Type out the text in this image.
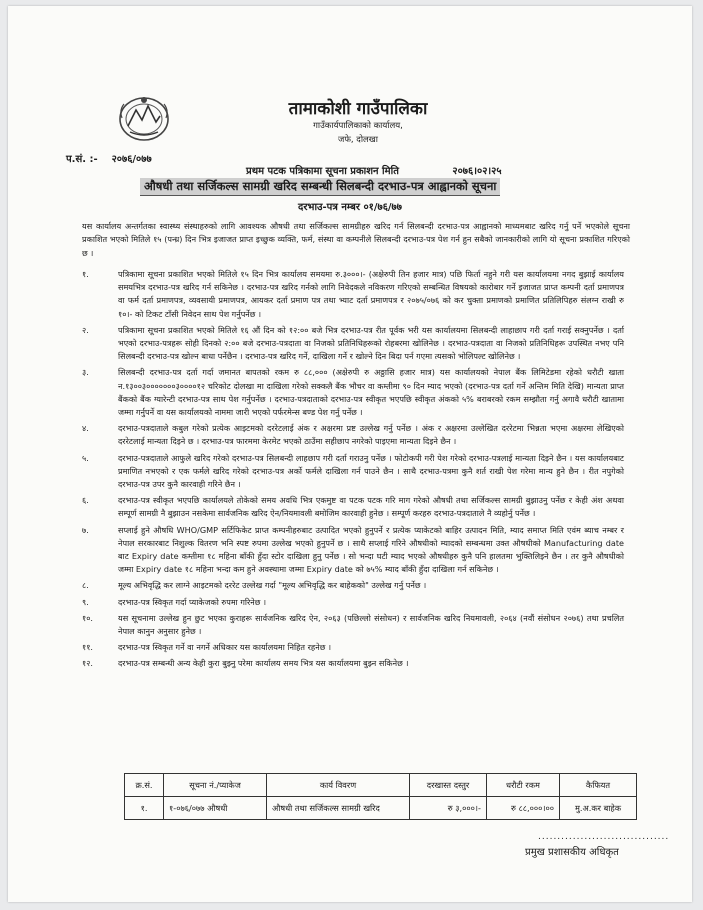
तामाकोशी गाउँपालिका
गाउँकार्यपालिकाको कार्यालय,
जफे, दोलखा
प.सं. :- २०७६/०७७
प्रथम पटक पत्रिकामा सूचना प्रकाशन मिति	२०७६।०२।२५
औषधी तथा सर्जिकल्स सामग्री खरिद सम्बन्धी सिलबन्दी दरभाउ-पत्र आह्वानको सूचना
दरभाउ-पत्र नम्बर ०१/७६/७७
यस कार्यालय अन्तर्गतका स्वास्थ्य संस्थाहरुको लागि आवश्यक औषधी तथा सर्जिकल्स सामग्रीहरु खरिद गर्न सिलबन्दी दरभाउ-पत्र आह्वानको माध्यमबाट खरिद गर्नु पर्ने भएकोले सूचना प्रकाशित भएको मितिले १५ (पन्ध्र) दिन भित्र इजाजत प्राप्त इच्छुक व्यक्ति, फर्म, संस्था वा कम्पनीले सिलबन्दी दरभाउ-पत्र पेश गर्न हुन सबैको जानकारीको लागि यो सूचना प्रकाशित गरिएको छ ।
१.	पत्रिकामा सूचना प्रकाशित भएको मितिले १५ दिन भित्र कार्यालय समयमा रु.३०००।- (अक्षेरुपी तिन हजार मात्र) पछि फिर्ता नहुने गरी यस कार्यालयमा नगद बुझाई कार्यालय समयभित्र दरभाउ-पत्र खरिद गर्न सकिनेछ । दरभाउ-पत्र खरिद गर्नको लागि निवेदकले नविकरण गरिएको सम्बन्धित विषयको कारोबार गर्ने इजाजत प्राप्त कम्पनी दर्ता प्रमाणपत्र वा फर्म दर्ता प्रमाणपत्र, व्यवसायी प्रमाणपत्र, आयकर दर्ता प्रमाण पत्र तथा भ्याट दर्ता प्रमाणपत्र र २०७५/०७६ को कर चुक्ता प्रमाणको प्रमाणित प्रतिलिपिहरु संलग्न राखी रु १०।- को टिकट टाँसी निवेदन साथ पेश गर्नुपर्नेछ ।
२.	पत्रिकामा सूचना प्रकाशित भएको मितिले १६ औं दिन को १२:०० बजे भित्र दरभाउ-पत्र रीत पूर्वक भरी यस कार्यालयमा सिलबन्दी लाहाछाप गरी दर्ता गराई सक्नुपर्नेछ । दर्ता भएको दरभाउ-पत्रहरू सोही दिनको २:०० बजे दरभाउ-पत्रदाता वा निजको प्रतिनिधिहरूको रोहबरमा खोलिनेछ । दरभाउ-पत्रदाता वा निजको प्रतिनिधिहरू उपस्थित नभए पनि सिलबन्दी दरभाउ-पत्र खोल्न बाधा पर्नेछैन । दरभाउ-पत्र खरिद गर्ने, दाखिला गर्ने र खोल्ने दिन बिदा पर्न गएमा त्यसको भोलिपल्ट खोलिनेछ ।
३.	सिलबन्दी दरभाउ-पत्र दर्ता गर्दा जमानत बापतको रकम रु ८८,००० (अक्षेरुपी रु अठ्ठासि हजार मात्र) यस कार्यालयको नेपाल बैंक लिमिटेडमा रहेको धरौटी खाता न.१३००३०००००००३००००१२ चरिकोट दोलखा मा दाखिला गरेको सक्कलै बैंक भौचर वा कम्तीमा ९० दिन म्याद भएको (दरभाउ-पत्र दर्ता गर्ने अन्तिम मिति देखि) मान्यता प्राप्त बैंकको बैंक ग्यारेन्टी दरभाउ-पत्र साथ पेश गर्नुपर्नेछ । दरभाउ-पत्रदाताको दरभाउ-पत्र स्वीकृत भएपछि स्वीकृत अंकको ५% बराबरको रकम सम्झौता गर्नु अगावै धरौटी खातामा जम्मा गर्नुपर्ने वा यस कार्यालयको नाममा जारी भएको पर्फरमेन्स बण्ड पेश गर्नु पर्नेछ ।
४.	दरभाउ-पत्रदाताले कबुल गरेको प्रत्येक आइटमको दररेटलाई अंक र अक्षरमा प्रष्ट उल्लेख गर्नु पर्नेछ । अंक र अक्षरमा उल्लेखित दररेटमा भिन्नता भएमा अक्षरमा लेखिएको दररेटलाई मान्यता दिइने छ । दरभाउ-पत्र फारममा केरमेट भएको ठाउँमा सहीछाप नगरेको पाइएमा मान्यता दिइने छैन ।
५.	दरभाउ-पत्रदाताले आफुले खरिद गरेको दरभाउ-पत्र सिलबन्दी लाहछाप गरी दर्ता गराउनु पर्नेछ । फोटोकपी गरी पेश गरेको दरभाउ-पत्रलाई मान्यता दिइने छैन । यस कार्यालयबाट प्रमाणित नभएको र एक फर्मले खरिद गरेको दरभाउ-पत्र अर्को फर्मले दाखिला गर्न पाउने छैन । साथै दरभाउ-पत्रमा कुनै शर्त राखी पेश गरेमा मान्य हुने छैन । रीत नपुगेको दरभाउ-पत्र उपर कुनै कारवाही गरिने छैन ।
६.	दरभाउ-पत्र स्वीकृत भएपछि कार्यालयले तोकेको समय अवधि भित्र एकमुष्ट वा पटक पटक गरि माग गरेको औषधी तथा सर्जिकल्स सामग्री बुझाउनु पर्नेछ र केही अंश अथवा सम्पूर्ण सामग्री नै बुझाउन नसकेमा सार्वजनिक खरिद ऐन/नियमावली बमोजिम कारवाही हुनेछ । सम्पूर्ण करहरु दरभाउ-पत्रदाताले नै व्यहोर्नु पर्नेछ ।
७.	सप्लाई हुने औषधि WHO/GMP सर्टिफिकेट प्राप्त कम्पनीहरुबाट उत्पादित भएको हुनुपर्ने र प्रत्येक प्याकेटको बाहिर उत्पादन मिति, म्याद समाप्त मिति एवंम ब्याच नम्बर र नेपाल सरकारबाट निशुल्क वितरण भनि स्पष्ट रुपमा उल्लेख भएको हुनुपर्ने छ । साथै सप्लाई गरिने औषधीको म्यादको सम्बन्धमा उक्त औषधीको Manufacturing date बाट Expiry date कम्तीमा १८ महिना बाँकी हुँदा स्टोर दाखिला हुनु पर्नेछ । सो भन्दा घटी म्याद भएको औषधीहरु कुनै पनि हालतमा भुक्तिलिइने छैन । तर कुनै औषधीको जम्मा Expiry date १८ महिना भन्दा कम हुने अवस्थामा जम्मा Expiry date को ७५% म्याद बाँकी हुँदा दाखिला गर्न सकिनेछ ।
८.	मूल्य अभिवृद्धि कर लाग्ने आइटमको दररेट उल्लेख गर्दा "मूल्य अभिवृद्धि कर बाहेकको" उल्लेख गर्नु पर्नेछ ।
९.	दरभाउ-पत्र स्विकृत गर्दा प्याकेजको रुपमा गरिनेछ ।
१०.	यस सूचनामा उल्लेख हुन छुट भएका कुराहरू सार्वजनिक खरिद ऐन, २०६३ (पछिल्लो संसोधन) र सार्वजनिक खरिद नियमावली, २०६४ (नवौं संसोधन २०७६) तथा प्रचलित नेपाल कानुन अनुसार हुनेछ ।
११.	दरभाउ-पत्र स्विकृत गर्ने वा नगर्ने अधिकार यस कार्यालयमा निहित रहनेछ ।
१२.	दरभाउ-पत्र सम्बन्धी अन्य केही कुरा बुझ्नु परेमा कार्यालय समय भित्र यस कार्यालयमा बुझ्न सकिनेछ ।
क्र.सं.	सूचना नं./प्याकेज	कार्य विवरण	दरखास्त दस्तुर	धरौटी रकम	कैफियत
१.	१-०७६/०७७ औषधी	औषधी तथा सर्जिकल्स सामग्री खरिद	रु ३,०००।-	रु ८८,०००।००	मु.अ.कर बाहेक
..................................
प्रमुख प्रशासकीय अधिकृत
